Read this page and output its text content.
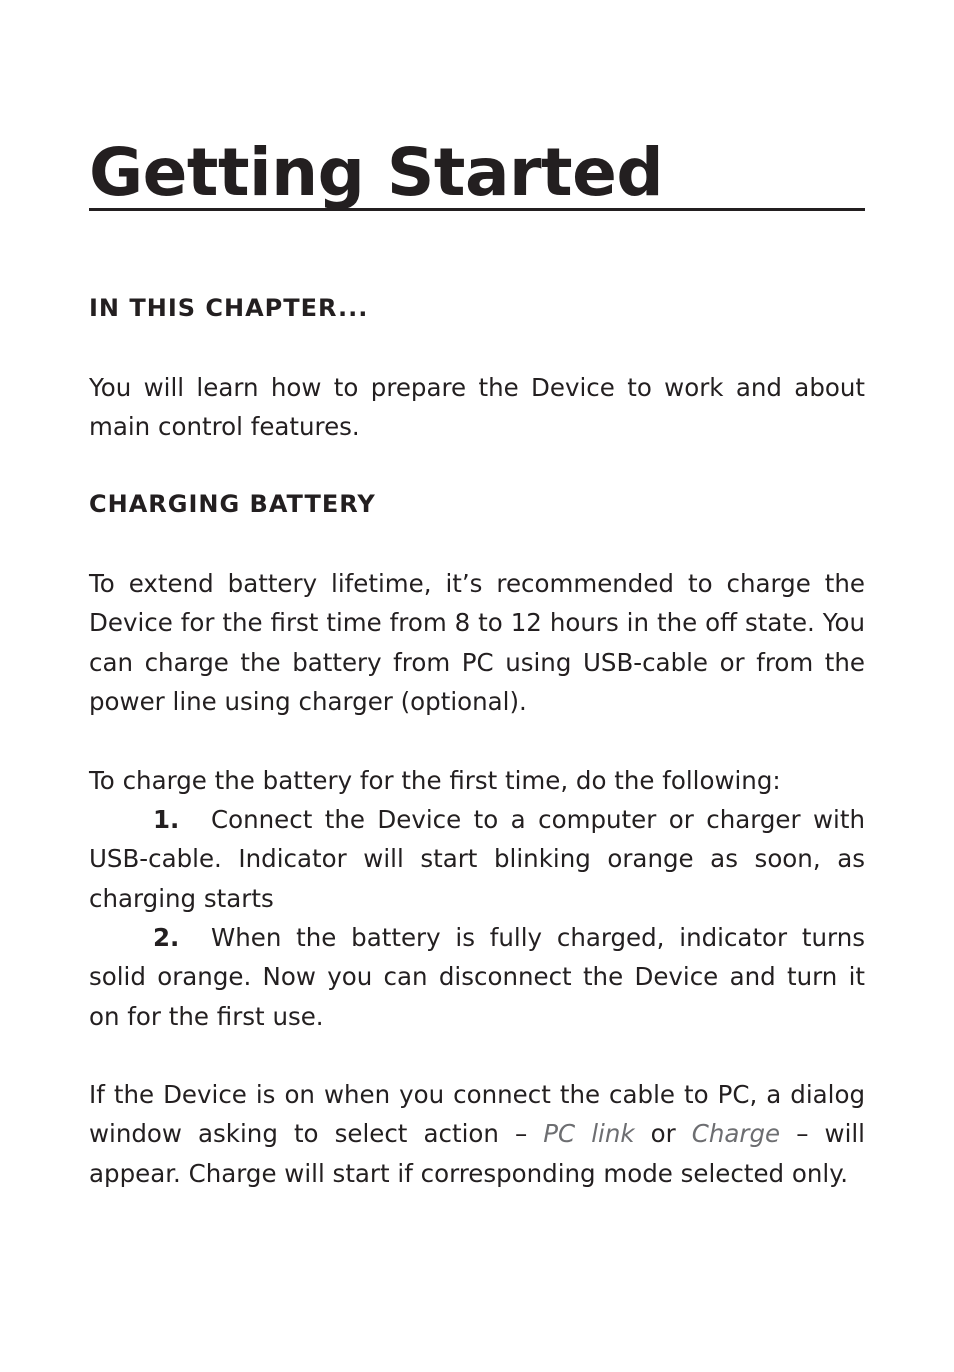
Getting Started
IN THIS CHAPTER...

You will learn how to prepare the Device to work and about main control features.

CHARGING BATTERY

To extend battery lifetime, it’s recommended to charge the Device for the first time from 8 to 12 hours in the off state. You can charge the battery from PC using USB-cable or from the power line using charger (optional).

To charge the battery for the first time, do the following:

1. Connect the Device to a computer or charger with USB-cable. Indicator will start blinking orange as soon, as charging starts

2. When the battery is fully charged, indicator turns solid orange. Now you can disconnect the Device and turn it on for the first use.

If the Device is on when you connect the cable to PC, a dialog window asking to select action – PC link or Charge – will appear. Charge will start if corresponding mode selected only.
